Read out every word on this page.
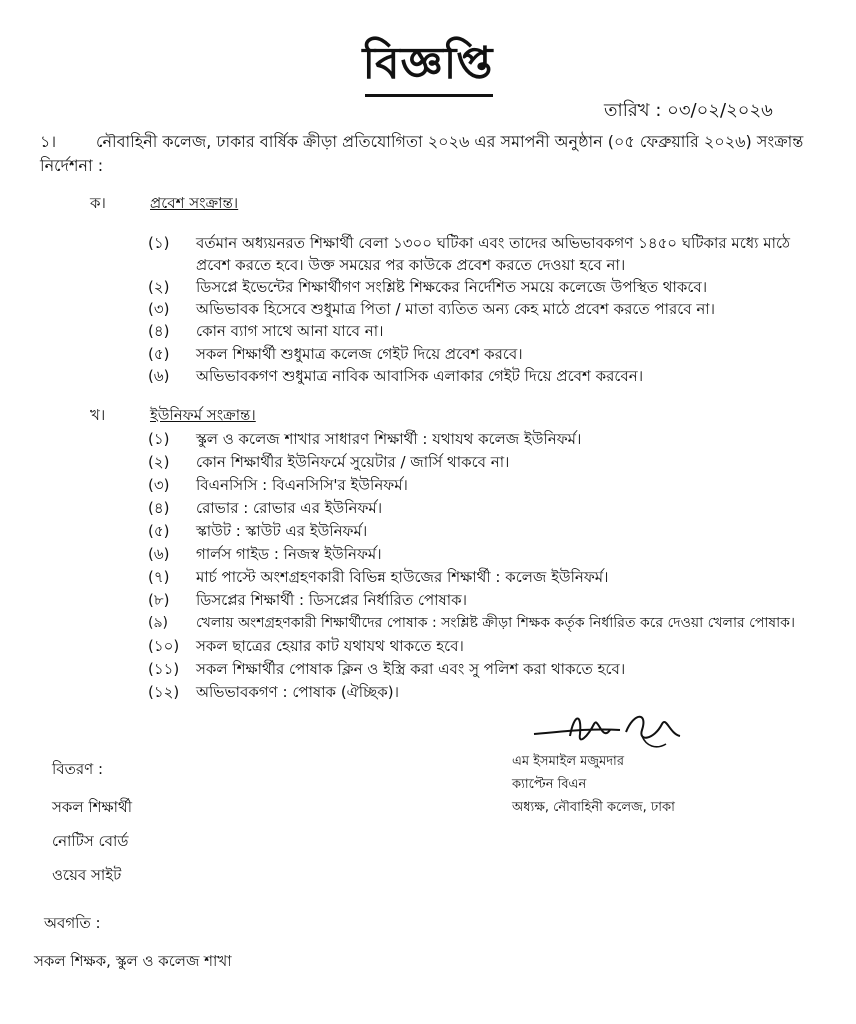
বিজ্ঞপ্তি
তারিখ : ০৩/০২/২০২৬
১। নৌবাহিনী কলেজ, ঢাকার বার্ষিক ক্রীড়া প্রতিযোগিতা ২০২৬ এর সমাপনী অনুষ্ঠান (০৫ ফেব্রুয়ারি ২০২৬) সংক্রান্ত নির্দেশনা :
ক।	প্রবেশ সংক্রান্ত।
(১)	বর্তমান অধ্যয়নরত শিক্ষার্থী বেলা ১৩০০ ঘটিকা এবং তাদের অভিভাবকগণ ১৪৫০ ঘটিকার মধ্যে মাঠে প্রবেশ করতে হবে। উক্ত সময়ের পর কাউকে প্রবেশ করতে দেওয়া হবে না।
(২) ডিসপ্লে ইভেন্টের শিক্ষার্থীগণ সংশ্লিষ্ট শিক্ষকের নির্দেশিত সময়ে কলেজে উপস্থিত থাকবে।
(৩) অভিভাবক হিসেবে শুধুমাত্র পিতা / মাতা ব্যতিত অন্য কেহ মাঠে প্রবেশ করতে পারবে না।
(৪) কোন ব্যাগ সাথে আনা যাবে না।
(৫) সকল শিক্ষার্থী শুধুমাত্র কলেজ গেইট দিয়ে প্রবেশ করবে।
(৬) অভিভাবকগণ শুধুমাত্র নাবিক আবাসিক এলাকার গেইট দিয়ে প্রবেশ করবেন।
খ।	ইউনিফর্ম সংক্রান্ত।
(১) স্কুল ও কলেজ শাখার সাধারণ শিক্ষার্থী : যথাযথ কলেজ ইউনিফর্ম।
(২) কোন শিক্ষার্থীর ইউনিফর্মে সুয়েটার / জার্সি থাকবে না।
(৩) বিএনসিসি : বিএনসিসি'র ইউনিফর্ম।
(৪) রোভার : রোভার এর ইউনিফর্ম।
(৫) স্কাউট : স্কাউট এর ইউনিফর্ম।
(৬) গার্লস গাইড : নিজস্ব ইউনিফর্ম।
(৭) মার্চ পাস্টে অংশগ্রহণকারী বিভিন্ন হাউজের শিক্ষার্থী : কলেজ ইউনিফর্ম।
(৮) ডিসপ্লের শিক্ষার্থী : ডিসপ্লের নির্ধারিত পোষাক।
(৯) খেলায় অংশগ্রহণকারী শিক্ষার্থীদের পোষাক : সংশ্লিষ্ট ক্রীড়া শিক্ষক কর্তৃক নির্ধারিত করে দেওয়া খেলার পোষাক।
(১০) সকল ছাত্রের হেয়ার কাট যথাযথ থাকতে হবে।
(১১) সকল শিক্ষার্থীর পোষাক ক্লিন ও ইস্ত্রি করা এবং সু পলিশ করা থাকতে হবে।
(১২) অভিভাবকগণ : পোষাক (ঐচ্ছিক)।
এম ইসমাইল মজুমদার
ক্যাপ্টেন বিএন
অধ্যক্ষ, নৌবাহিনী কলেজ, ঢাকা
বিতরণ :
সকল শিক্ষার্থী
নোটিস বোর্ড
ওয়েব সাইট
অবগতি :
সকল শিক্ষক, স্কুল ও কলেজ শাখা
